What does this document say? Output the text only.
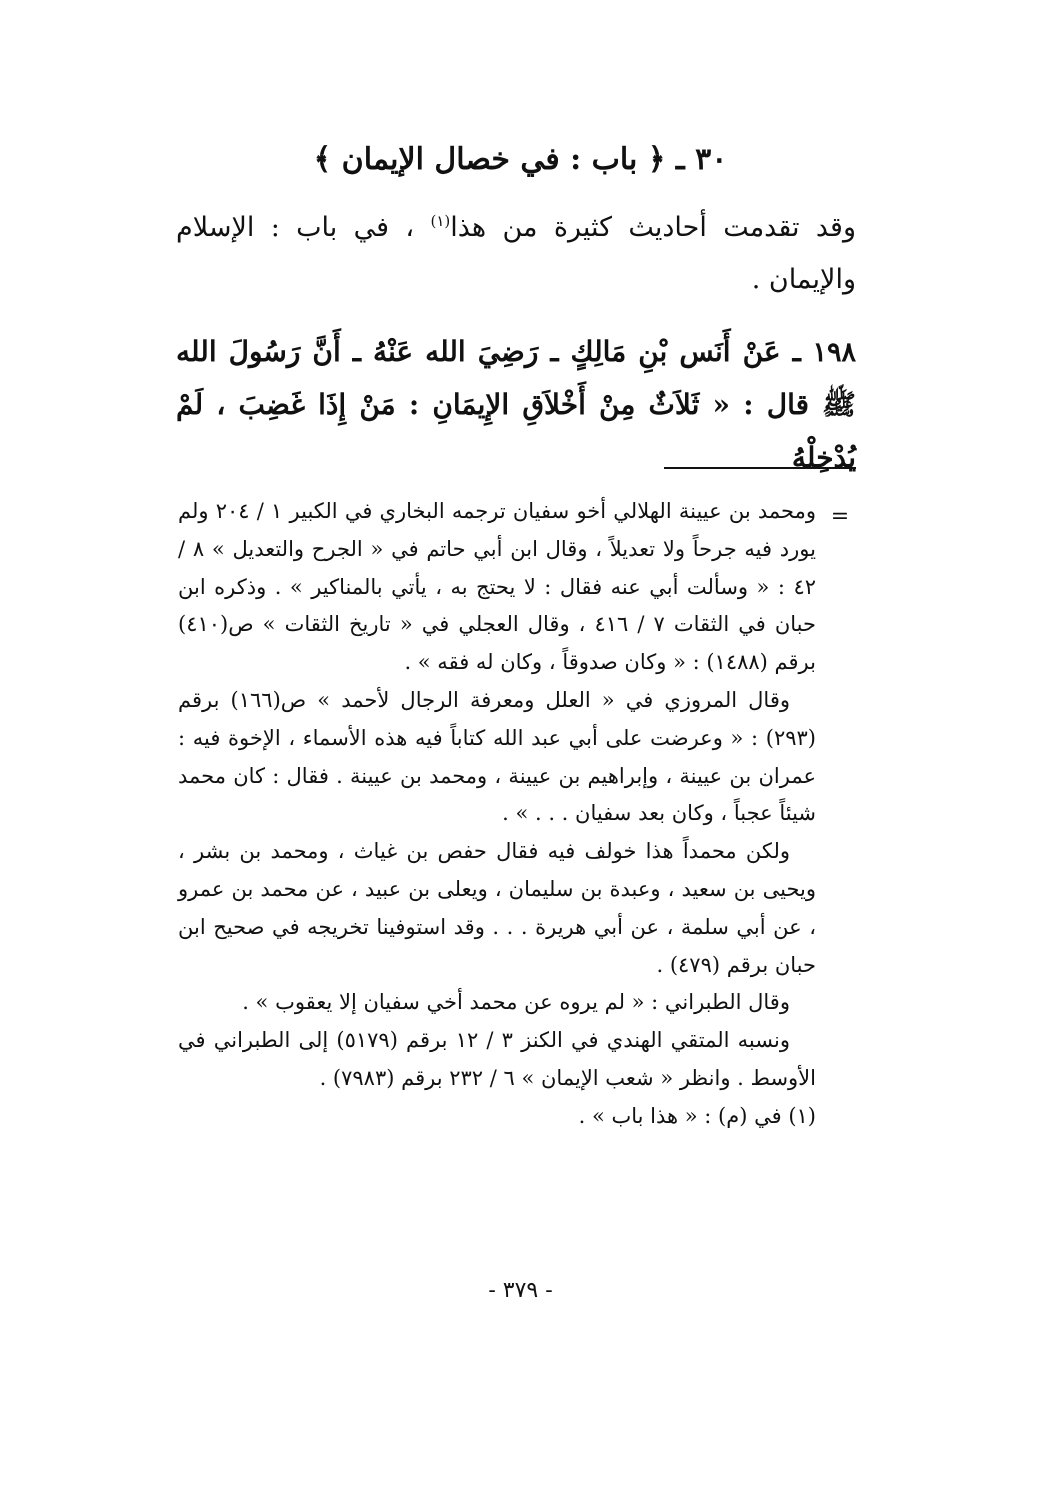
٣٠ ـ ﴿ باب : في خصال الإيمان ﴾
وقد تقدمت أحاديث كثيرة من هذا$^{(١)}$ ، في باب : الإسلام والإيمان .
١٩٨ ـ عَنْ أَنَس بْنِ مَالِكٍ ـ رَضِيَ الله عَنْهُ ـ أَنَّ رَسُولَ الله ﷺ قال : « ثَلاَثٌ مِنْ أَخْلاَقِ الإِيمَانِ : مَنْ إِذَا غَضِبَ ، لَمْ يُدْخِلْهُ
=

ومحمد بن عيينة الهلالي أخو سفيان ترجمه البخاري في الكبير ١ / ٢٠٤ ولم يورد فيه جرحاً ولا تعديلاً ، وقال ابن أبي حاتم في « الجرح والتعديل » ٨ / ٤٢ : « وسألت أبي عنه فقال : لا يحتج به ، يأتي بالمناكير » . وذكره ابن حبان في الثقات ٧ / ٤١٦ ، وقال العجلي في « تاريخ الثقات » ص(٤١٠) برقم (١٤٨٨) : « وكان صدوقاً ، وكان له فقه » .

وقال المروزي في « العلل ومعرفة الرجال لأحمد » ص(١٦٦) برقم (٢٩٣) : « وعرضت على أبي عبد الله كتاباً فيه هذه الأسماء ، الإخوة فيه : عمران بن عيينة ، وإبراهيم بن عيينة ، ومحمد بن عيينة . فقال : كان محمد شيئاً عجباً ، وكان بعد سفيان . . . » .

ولكن محمداً هذا خولف فيه فقال حفص بن غياث ، ومحمد بن بشر ، ويحيى بن سعيد ، وعبدة بن سليمان ، ويعلى بن عبيد ، عن محمد بن عمرو ، عن أبي سلمة ، عن أبي هريرة . . . وقد استوفينا تخريجه في صحيح ابن حبان برقم (٤٧٩) .

وقال الطبراني : « لم يروه عن محمد أخي سفيان إلا يعقوب » .

ونسبه المتقي الهندي في الكنز ٣ / ١٢ برقم (٥١٧٩) إلى الطبراني في الأوسط . وانظر « شعب الإيمان » ٦ / ٢٣٢ برقم (٧٩٨٣) .

(١) في (م) : « هذا باب » .

- ٣٧٩ -
